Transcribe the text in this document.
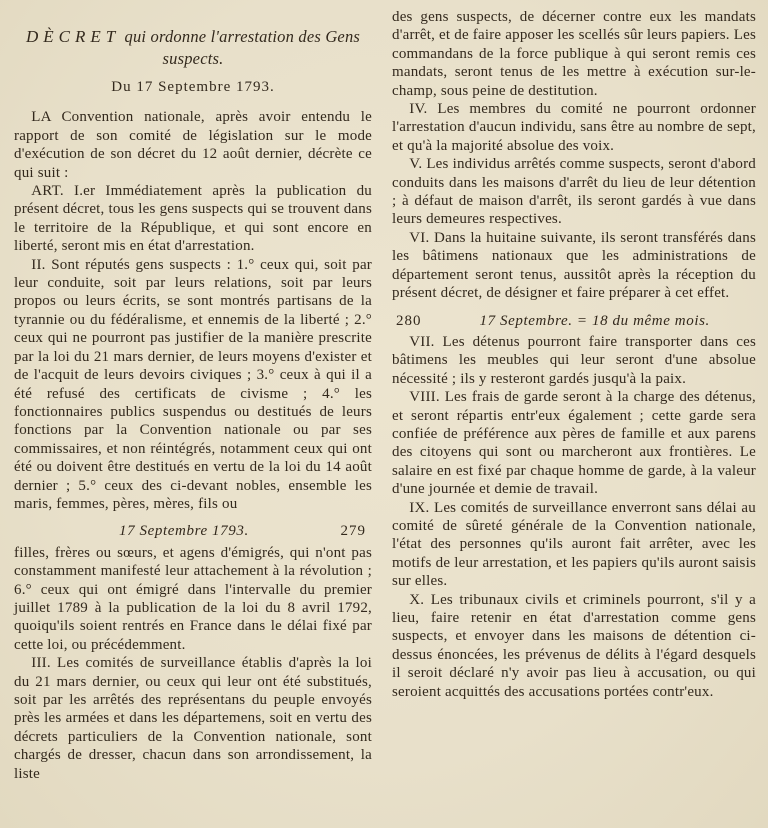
DÈCRET qui ordonne l'arrestation des Gens suspects.
Du 17 Septembre 1793.

LA Convention nationale, après avoir entendu le rapport de son comité de législation sur le mode d'exécution de son décret du 12 août dernier, décrète ce qui suit :

ART. I.er Immédiatement après la publication du présent décret, tous les gens suspects qui se trouvent dans le territoire de la République, et qui sont encore en liberté, seront mis en état d'arrestation.

II. Sont réputés gens suspects : 1.° ceux qui, soit par leur conduite, soit par leurs relations, soit par leurs propos ou leurs écrits, se sont montrés partisans de la tyrannie ou du fédéralisme, et ennemis de la liberté ; 2.° ceux qui ne pourront pas justifier de la manière prescrite par la loi du 21 mars dernier, de leurs moyens d'exister et de l'acquit de leurs devoirs civiques ; 3.° ceux à qui il a été refusé des certificats de civisme ; 4.° les fonctionnaires publics suspendus ou destitués de leurs fonctions par la Convention nationale ou par ses commissaires, et non réintégrés, notamment ceux qui ont été ou doivent être destitués en vertu de la loi du 14 août dernier ; 5.° ceux des ci-devant nobles, ensemble les maris, femmes, pères, mères, fils ou

17 Septembre 1793.	279

filles, frères ou sœurs, et agens d'émigrés, qui n'ont pas constamment manifesté leur attachement à la révolution ; 6.° ceux qui ont émigré dans l'intervalle du premier juillet 1789 à la publication de la loi du 8 avril 1792, quoiqu'ils soient rentrés en France dans le délai fixé par cette loi, ou précédemment.

III. Les comités de surveillance établis d'après la loi du 21 mars dernier, ou ceux qui leur ont été substitués, soit par les arrêtés des représentans du peuple envoyés près les armées et dans les départemens, soit en vertu des décrets particuliers de la Convention nationale, sont chargés de dresser, chacun dans son arrondissement, la liste

des gens suspects, de décerner contre eux les mandats d'arrêt, et de faire apposer les scellés sûr leurs papiers. Les commandans de la force publique à qui seront remis ces mandats, seront tenus de les mettre à exécution sur-le-champ, sous peine de destitution.

IV. Les membres du comité ne pourront ordonner l'arrestation d'aucun individu, sans être au nombre de sept, et qu'à la majorité absolue des voix.

V. Les individus arrêtés comme suspects, seront d'abord conduits dans les maisons d'arrêt du lieu de leur détention ; à défaut de maison d'arrêt, ils seront gardés à vue dans leurs demeures respectives.

VI. Dans la huitaine suivante, ils seront transférés dans les bâtimens nationaux que les administrations de département seront tenus, aussitôt après la réception du présent décret, de désigner et faire préparer à cet effet.

280	17 Septembre. = 18 du même mois.

VII. Les détenus pourront faire transporter dans ces bâtimens les meubles qui leur seront d'une absolue nécessité ; ils y resteront gardés jusqu'à la paix.

VIII. Les frais de garde seront à la charge des détenus, et seront répartis entr'eux également ; cette garde sera confiée de préférence aux pères de famille et aux parens des citoyens qui sont ou marcheront aux frontières. Le salaire en est fixé par chaque homme de garde, à la valeur d'une journée et demie de travail.

IX. Les comités de surveillance enverront sans délai au comité de sûreté générale de la Convention nationale, l'état des personnes qu'ils auront fait arrêter, avec les motifs de leur arrestation, et les papiers qu'ils auront saisis sur elles.

X. Les tribunaux civils et criminels pourront, s'il y a lieu, faire retenir en état d'arrestation comme gens suspects, et envoyer dans les maisons de détention ci-dessus énoncées, les prévenus de délits à l'égard desquels il seroit déclaré n'y avoir pas lieu à accusation, ou qui seroient acquittés des accusations portées contr'eux.
